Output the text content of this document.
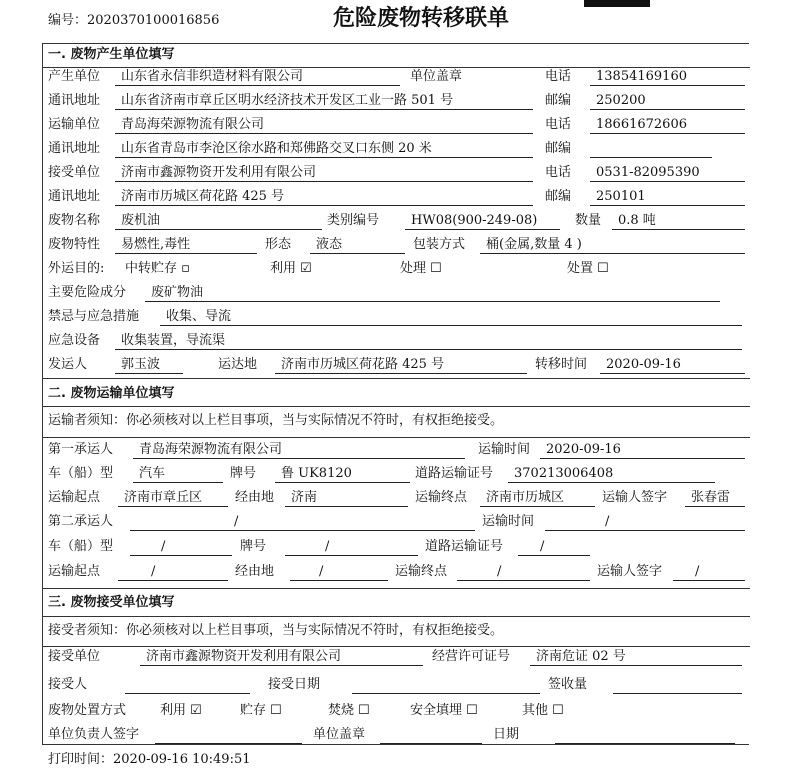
编号：2020370100016856	危险废物转移联单
一. 废物产生单位填写
产生单位	山东省永信非织造材料有限公司	单位盖章	电话	13854169160
通讯地址	山东省济南市章丘区明水经济技术开发区工业一路 501 号	邮编	250200
运输单位	青岛海荣源物流有限公司	电话	18661672606
通讯地址	山东省青岛市李沧区徐水路和郑佛路交叉口东侧 20 米	邮编
接受单位	济南市鑫源物资开发利用有限公司	电话	0531-82095390
通讯地址	济南市历城区荷花路 425 号	邮编	250101
废物名称	废机油	类别编号	HW08(900-249-08)	数量	0.8 吨
废物特性	易燃性,毒性	形态	液态	包装方式	桶(金属,数量 4 )
外运目的: 中转贮存 ▫	利用 ☑	处理 ☐	处置 ☐
主要危险成分	废矿物油
禁忌与应急措施	收集、导流
应急设备	收集装置，导流渠
发运人	郭玉波	运达地	济南市历城区荷花路 425 号	转移时间	2020-09-16
二. 废物运输单位填写
运输者须知：你必须核对以上栏目事项，当与实际情况不符时，有权拒绝接受。
第一承运人	青岛海荣源物流有限公司	运输时间	2020-09-16
车（船）型	汽车	牌号	鲁 UK8120	道路运输证号	370213006408
运输起点	济南市章丘区	经由地	济南	运输终点	济南市历城区	运输人签字	张春雷
第二承运人	/	运输时间	/
车（船）型	/	牌号	/	道路运输证号	/
运输起点	/	经由地	/	运输终点	/	运输人签字	/
三. 废物接受单位填写
接受者须知：你必须核对以上栏目事项，当与实际情况不符时，有权拒绝接受。
接受单位	济南市鑫源物资开发利用有限公司	经营许可证号	济南危证 02 号
接受人	接受日期	签收量
废物处置方式	利用 ☑	贮存 ☐	焚烧 ☐	安全填埋 ☐	其他 ☐
单位负责人签字	单位盖章	日期
打印时间：2020-09-16 10:49:51
